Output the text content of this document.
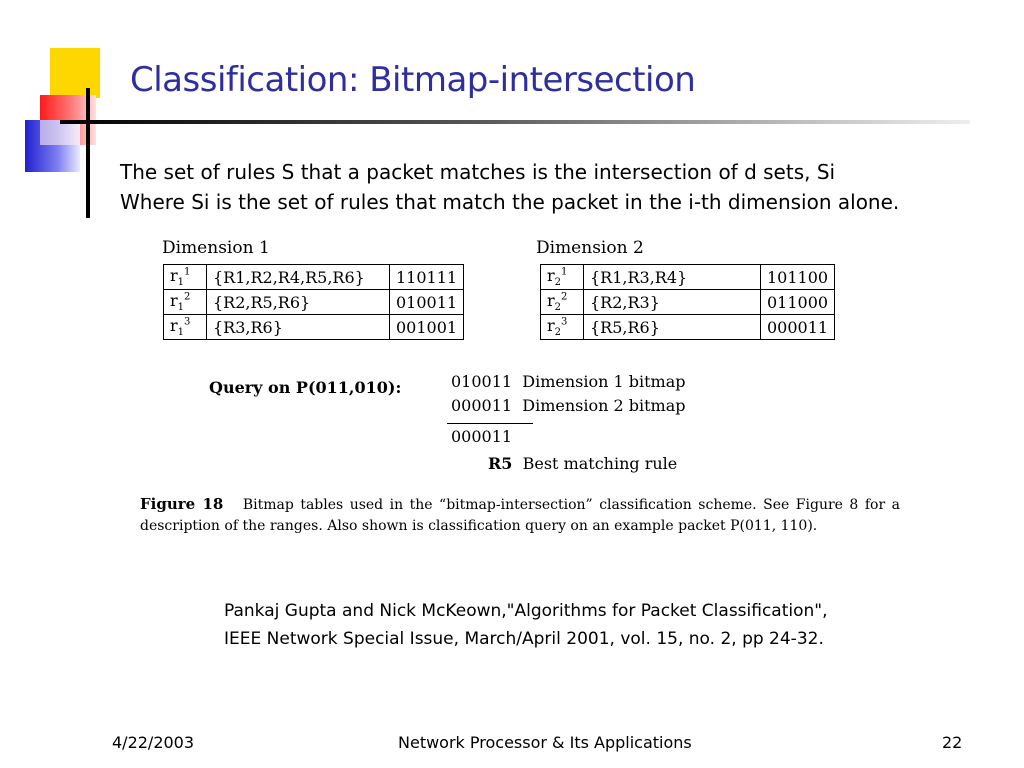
Classification: Bitmap-intersection
The set of rules S that a packet matches is the intersection of d sets, Si
Where Si is the set of rules that match the packet in the i-th dimension alone.
Dimension 1
$r_1^1$	{R1,R2,R4,R5,R6}	110111
$r_1^2$	{R2,R5,R6}	010011
$r_1^3$	{R3,R6}	001001
Dimension 2
$r_2^1$	{R1,R3,R4}	101100
$r_2^2$	{R2,R3}	011000
$r_2^3$	{R5,R6}	000011
Query on P(011,010):	010011 Dimension 1 bitmap
000011 Dimension 2 bitmap
000011
R5 Best matching rule
Figure 18 Bitmap tables used in the “bitmap-intersection” classification scheme. See Figure 8 for a description of the ranges. Also shown is classification query on an example packet P(011, 110).
Pankaj Gupta and Nick McKeown,"Algorithms for Packet Classification",
IEEE Network Special Issue, March/April 2001, vol. 15, no. 2, pp 24-32.
4/22/2003	Network Processor & Its Applications	22
